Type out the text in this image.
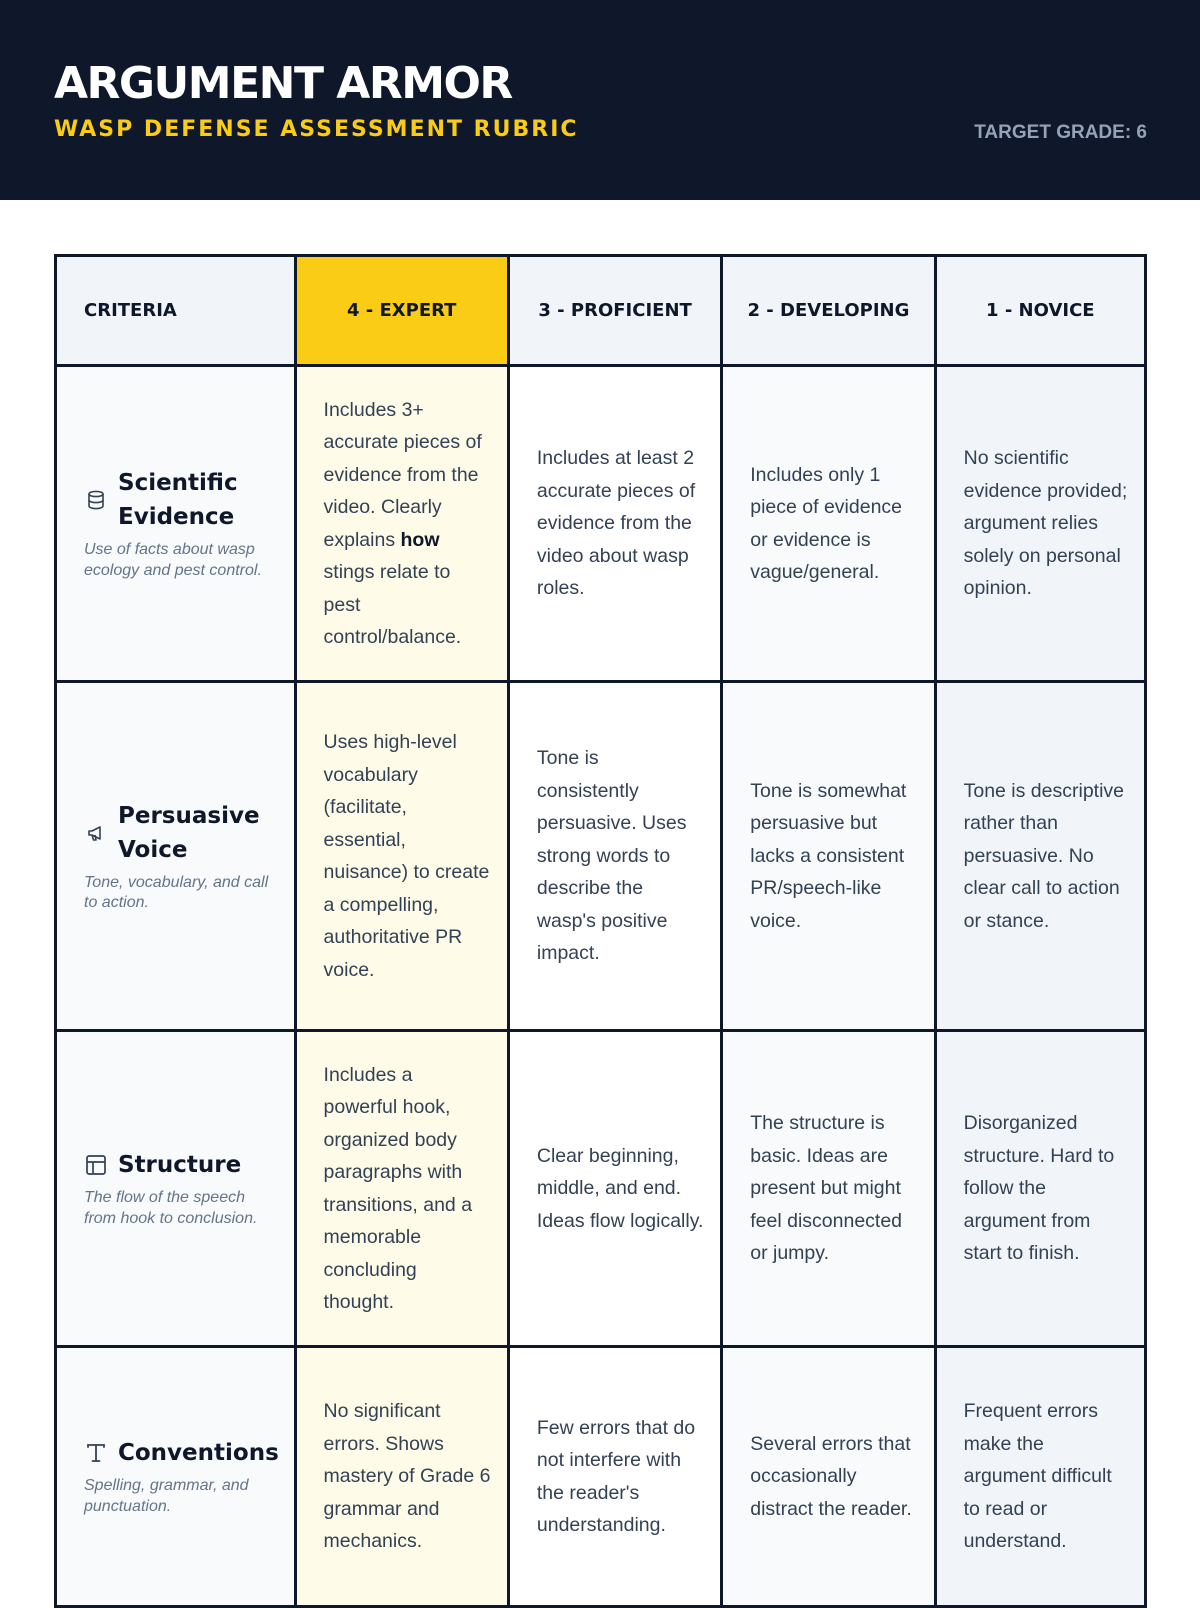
ARGUMENT ARMOR
WASP DEFENSE ASSESSMENT RUBRIC	TARGET GRADE: 6
CRITERIA	4 - EXPERT	3 - PROFICIENT	2 - DEVELOPING	1 - NOVICE

Scientific Evidence
Use of facts about wasp ecology and pest control.	Includes 3+ accurate pieces of evidence from the video. Clearly explains how stings relate to pest control/balance.	Includes at least 2 accurate pieces of evidence from the video about wasp roles.	Includes only 1 piece of evidence or evidence is vague/general.	No scientific evidence provided; argument relies solely on personal opinion.

Persuasive Voice
Tone, vocabulary, and call to action.	Uses high-level vocabulary (facilitate, essential, nuisance) to create a compelling, authoritative PR voice.	Tone is consistently persuasive. Uses strong words to describe the wasp's positive impact.	Tone is somewhat persuasive but lacks a consistent PR/speech-like voice.	Tone is descriptive rather than persuasive. No clear call to action or stance.

Structure
The flow of the speech from hook to conclusion.	Includes a powerful hook, organized body paragraphs with transitions, and a memorable concluding thought.	Clear beginning, middle, and end. Ideas flow logically.	The structure is basic. Ideas are present but might feel disconnected or jumpy.	Disorganized structure. Hard to follow the argument from start to finish.

Conventions
Spelling, grammar, and punctuation.	No significant errors. Shows mastery of Grade 6 grammar and mechanics.	Few errors that do not interfere with the reader's understanding.	Several errors that occasionally distract the reader.	Frequent errors make the argument difficult to read or understand.
